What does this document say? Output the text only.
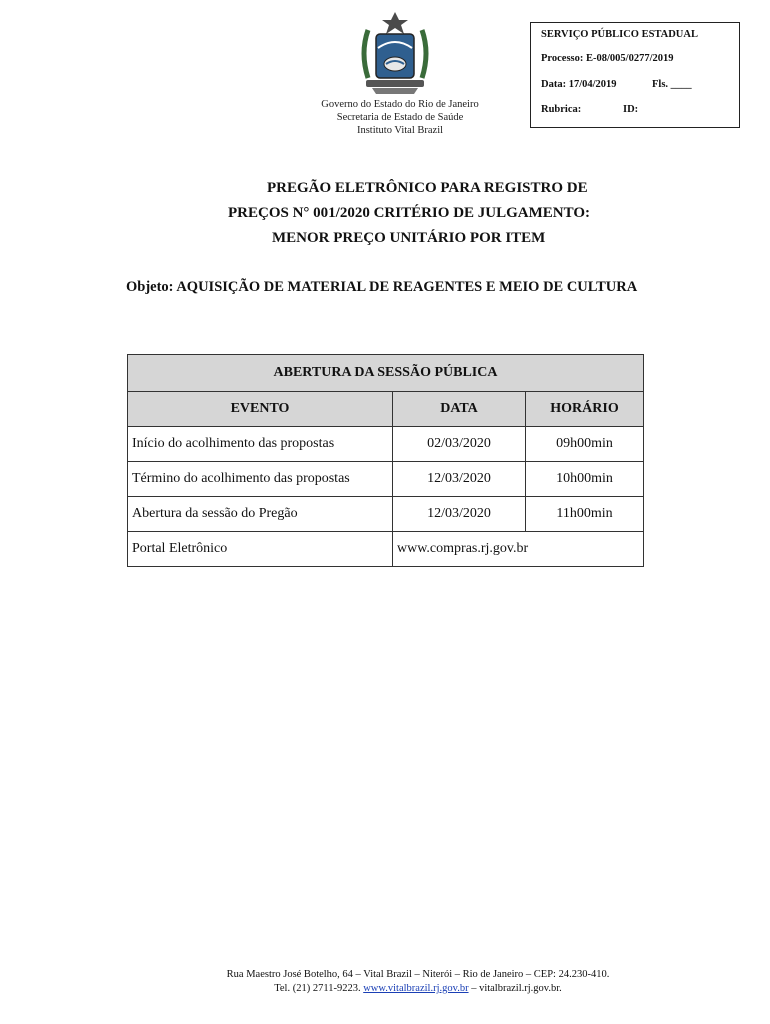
Governo do Estado do Rio de Janeiro
Secretaria de Estado de Saúde
Instituto Vital Brazil
SERVIÇO PÚBLICO ESTADUAL
Processo: E-08/005/0277/2019
Data: 17/04/2019	Fls. ____
Rubrica:	ID:
PREGÃO ELETRÔNICO PARA REGISTRO DE
PREÇOS N° 001/2020 CRITÉRIO DE JULGAMENTO:
MENOR PREÇO UNITÁRIO POR ITEM
Objeto: AQUISIÇÃO DE MATERIAL DE REAGENTES E MEIO DE CULTURA
ABERTURA DA SESSÃO PÚBLICA		
EVENTO	DATA	HORÁRIO
Início do acolhimento das propostas	02/03/2020	09h00min
Término do acolhimento das propostas	12/03/2020	10h00min
Abertura da sessão do Pregão	12/03/2020	11h00min
Portal Eletrônico	www.compras.rj.gov.br	
Rua Maestro José Botelho, 64 – Vital Brazil – Niterói – Rio de Janeiro – CEP: 24.230-410.
Tel. (21) 2711-9223. www.vitalbrazil.rj.gov.br – vitalbrazil.rj.gov.br.
